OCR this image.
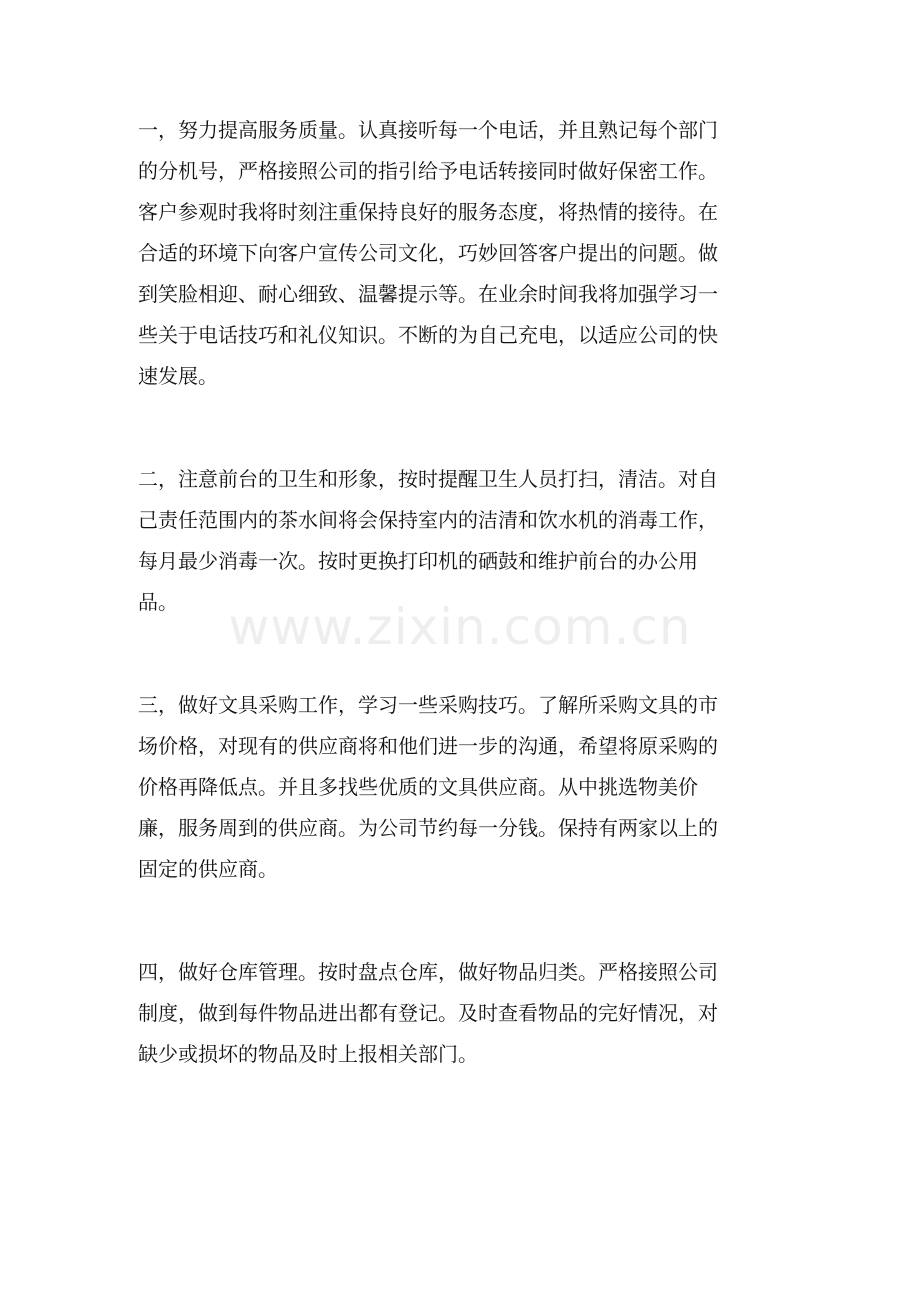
一，努力提高服务质量。认真接听每一个电话，并且熟记每个部门
的分机号，严格接照公司的指引给予电话转接同时做好保密工作。
客户参观时我将时刻注重保持良好的服务态度，将热情的接待。在
合适的环境下向客户宣传公司文化，巧妙回答客户提出的问题。做
到笑脸相迎、耐心细致、温馨提示等。在业余时间我将加强学习一
些关于电话技巧和礼仪知识。不断的为自己充电，以适应公司的快
速发展。

二，注意前台的卫生和形象，按时提醒卫生人员打扫，清洁。对自
己责任范围内的茶水间将会保持室内的洁清和饮水机的消毒工作，
每月最少消毒一次。按时更换打印机的硒鼓和维护前台的办公用
品。

三，做好文具采购工作，学习一些采购技巧。了解所采购文具的市
场价格，对现有的供应商将和他们进一步的沟通，希望将原采购的
价格再降低点。并且多找些优质的文具供应商。从中挑选物美价
廉，服务周到的供应商。为公司节约每一分钱。保持有两家以上的
固定的供应商。

四，做好仓库管理。按时盘点仓库，做好物品归类。严格接照公司
制度，做到每件物品进出都有登记。及时查看物品的完好情况，对
缺少或损坏的物品及时上报相关部门。

www.zixin.com.cn
